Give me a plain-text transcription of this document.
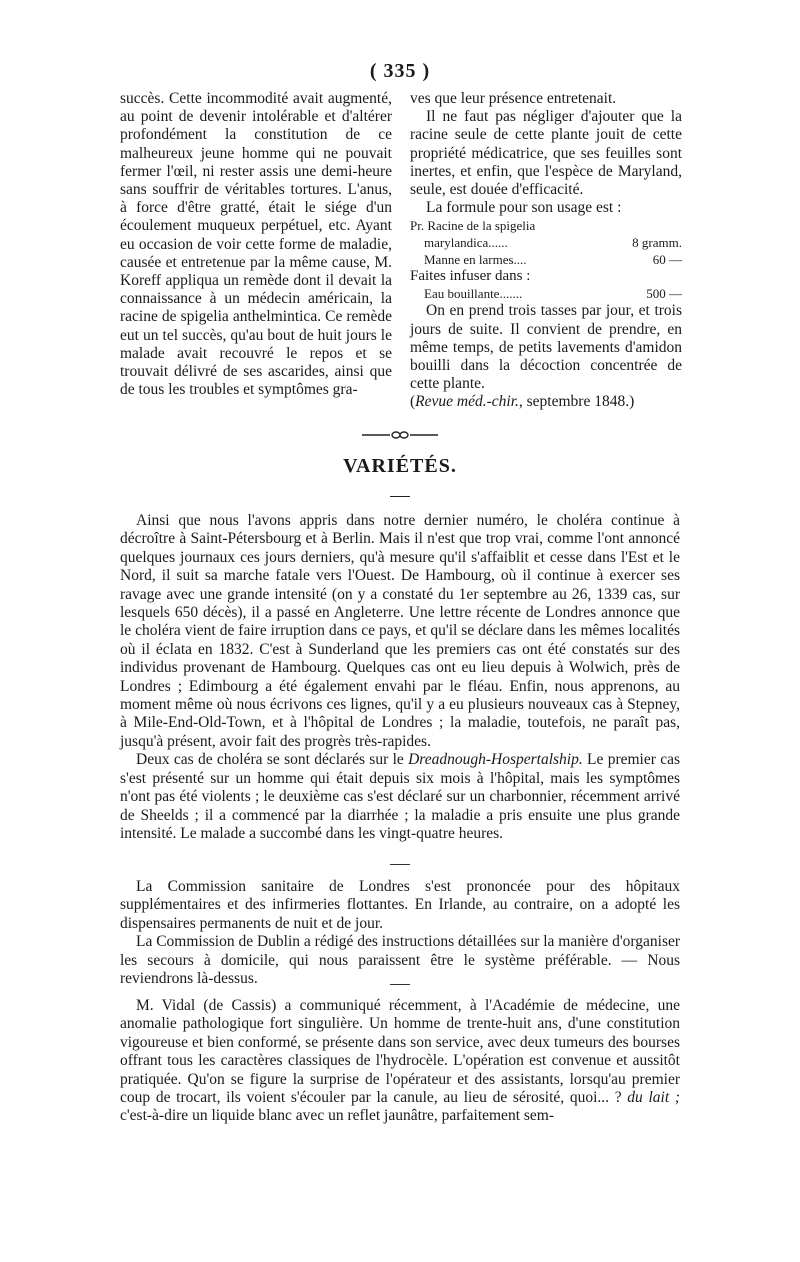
( 335 )

succès. Cette incommodité avait augmenté, au point de devenir intolérable et d'altérer profondément la constitution de ce malheureux jeune homme qui ne pouvait fermer l'œil, ni rester assis une demi-heure sans souffrir de véritables tortures. L'anus, à force d'être gratté, était le siége d'un écoulement muqueux perpétuel, etc. Ayant eu occasion de voir cette forme de maladie, causée et entretenue par la même cause, M. Koreff appliqua un remède dont il devait la connaissance à un médecin américain, la racine de spigelia anthelmintica. Ce remède eut un tel succès, qu'au bout de huit jours le malade avait recouvré le repos et se trouvait délivré de ses ascarides, ainsi que de tous les troubles et symptômes gra-

ves que leur présence entretenait.

Il ne faut pas négliger d'ajouter que la racine seule de cette plante jouit de cette propriété médicatrice, que ses feuilles sont inertes, et enfin, que l'espèce de Maryland, seule, est douée d'efficacité.

La formule pour son usage est :

Pr. Racine de la spigelia
marylandica......	8 gramm.
Manne en larmes....	60 —
Faites infuser dans :
Eau bouillante.......	500 —

On en prend trois tasses par jour, et trois jours de suite. Il convient de prendre, en même temps, de petits lavements d'amidon bouilli dans la décoction concentrée de cette plante.

(Revue méd.-chir., septembre 1848.)

VARIÉTÉS.

Ainsi que nous l'avons appris dans notre dernier numéro, le choléra continue à décroître à Saint-Pétersbourg et à Berlin. Mais il n'est que trop vrai, comme l'ont annoncé quelques journaux ces jours derniers, qu'à mesure qu'il s'affaiblit et cesse dans l'Est et le Nord, il suit sa marche fatale vers l'Ouest. De Hambourg, où il continue à exercer ses ravage avec une grande intensité (on y a constaté du 1er septembre au 26, 1339 cas, sur lesquels 650 décès), il a passé en Angleterre. Une lettre récente de Londres annonce que le choléra vient de faire irruption dans ce pays, et qu'il se déclare dans les mêmes localités où il éclata en 1832. C'est à Sunderland que les premiers cas ont été constatés sur des individus provenant de Hambourg. Quelques cas ont eu lieu depuis à Wolwich, près de Londres ; Edimbourg a été également envahi par le fléau. Enfin, nous apprenons, au moment même où nous écrivons ces lignes, qu'il y a eu plusieurs nouveaux cas à Stepney, à Mile-End-Old-Town, et à l'hôpital de Londres ; la maladie, toutefois, ne paraît pas, jusqu'à présent, avoir fait des progrès très-rapides.

Deux cas de choléra se sont déclarés sur le Dreadnough-Hospertalship. Le premier cas s'est présenté sur un homme qui était depuis six mois à l'hôpital, mais les symptômes n'ont pas été violents ; le deuxième cas s'est déclaré sur un charbonnier, récemment arrivé de Sheelds ; il a commencé par la diarrhée ; la maladie a pris ensuite une plus grande intensité. Le malade a succombé dans les vingt-quatre heures.

La Commission sanitaire de Londres s'est prononcée pour des hôpitaux supplémentaires et des infirmeries flottantes. En Irlande, au contraire, on a adopté les dispensaires permanents de nuit et de jour.

La Commission de Dublin a rédigé des instructions détaillées sur la manière d'organiser les secours à domicile, qui nous paraissent être le système préférable. — Nous reviendrons là-dessus.

M. Vidal (de Cassis) a communiqué récemment, à l'Académie de médecine, une anomalie pathologique fort singulière. Un homme de trente-huit ans, d'une constitution vigoureuse et bien conformé, se présente dans son service, avec deux tumeurs des bourses offrant tous les caractères classiques de l'hydrocèle. L'opération est convenue et aussitôt pratiquée. Qu'on se figure la surprise de l'opérateur et des assistants, lorsqu'au premier coup de trocart, ils voient s'écouler par la canule, au lieu de sérosité, quoi... ? du lait ; c'est-à-dire un liquide blanc avec un reflet jaunâtre, parfaitement sem-
